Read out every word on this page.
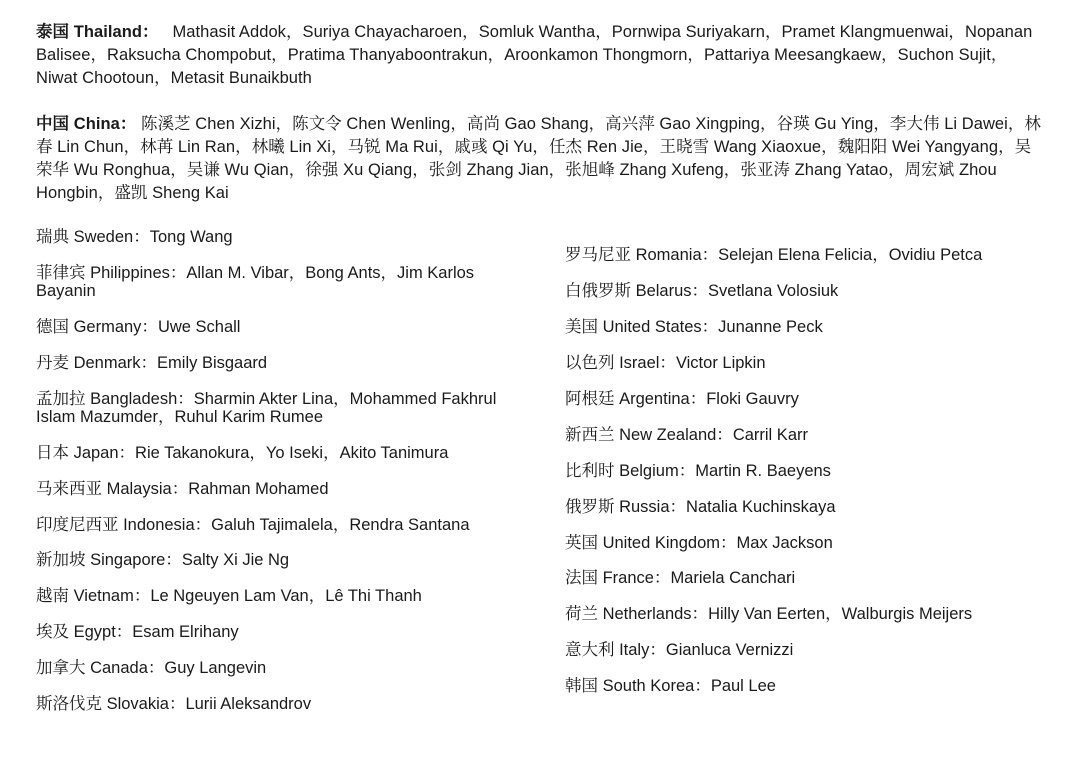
泰国 Thailand： Mathasit Addok，Suriya Chayacharoen，Somluk Wantha，Pornwipa Suriyakarn，Pramet Klangmuenwai，Nopanan Balisee，Raksucha Chompobut，Pratima Thanyaboontrakun，Aroonkamon Thongmorn，Pattariya Meesangkaew，Suchon Sujit，Niwat Chootoun，Metasit Bunaikbuth
中国 China： 陈溪芝 Chen Xizhi，陈文令 Chen Wenling，高尚 Gao Shang，高兴萍 Gao Xingping，谷瑛 Gu Ying，李大伟 Li Dawei，林春 Lin Chun，林苒 Lin Ran，林曦 Lin Xi，马锐 Ma Rui，戚彧 Qi Yu，任杰 Ren Jie，王晓雪 Wang Xiaoxue，魏阳阳 Wei Yangyang，吴荣华 Wu Ronghua，吴谦 Wu Qian，徐强 Xu Qiang，张剑 Zhang Jian，张旭峰 Zhang Xufeng，张亚涛 Zhang Yatao，周宏斌 Zhou Hongbin，盛凯 Sheng Kai
瑞典 Sweden：Tong Wang
菲律宾 Philippines：Allan M. Vibar，Bong Ants，Jim Karlos Bayanin
德国 Germany：Uwe Schall
丹麦 Denmark：Emily Bisgaard
孟加拉 Bangladesh：Sharmin Akter Lina，Mohammed Fakhrul Islam Mazumder，Ruhul Karim Rumee
日本 Japan：Rie Takanokura，Yo Iseki，Akito Tanimura
马来西亚 Malaysia：Rahman Mohamed
印度尼西亚 Indonesia：Galuh Tajimalela，Rendra Santana
新加坡 Singapore：Salty Xi Jie Ng
越南 Vietnam：Le Ngeuyen Lam Van，Lê Thi Thanh
埃及 Egypt：Esam Elrihany
加拿大 Canada：Guy Langevin
斯洛伐克 Slovakia：Lurii Aleksandrov
罗马尼亚 Romania：Selejan Elena Felicia，Ovidiu Petca
白俄罗斯 Belarus：Svetlana Volosiuk
美国 United States：Junanne Peck
以色列 Israel：Victor Lipkin
阿根廷 Argentina：Floki Gauvry
新西兰 New Zealand：Carril Karr
比利时 Belgium：Martin R. Baeyens
俄罗斯 Russia：Natalia Kuchinskaya
英国 United Kingdom：Max Jackson
法国 France：Mariela Canchari
荷兰 Netherlands：Hilly Van Eerten，Walburgis Meijers
意大利 Italy：Gianluca Vernizzi
韩国 South Korea：Paul Lee
